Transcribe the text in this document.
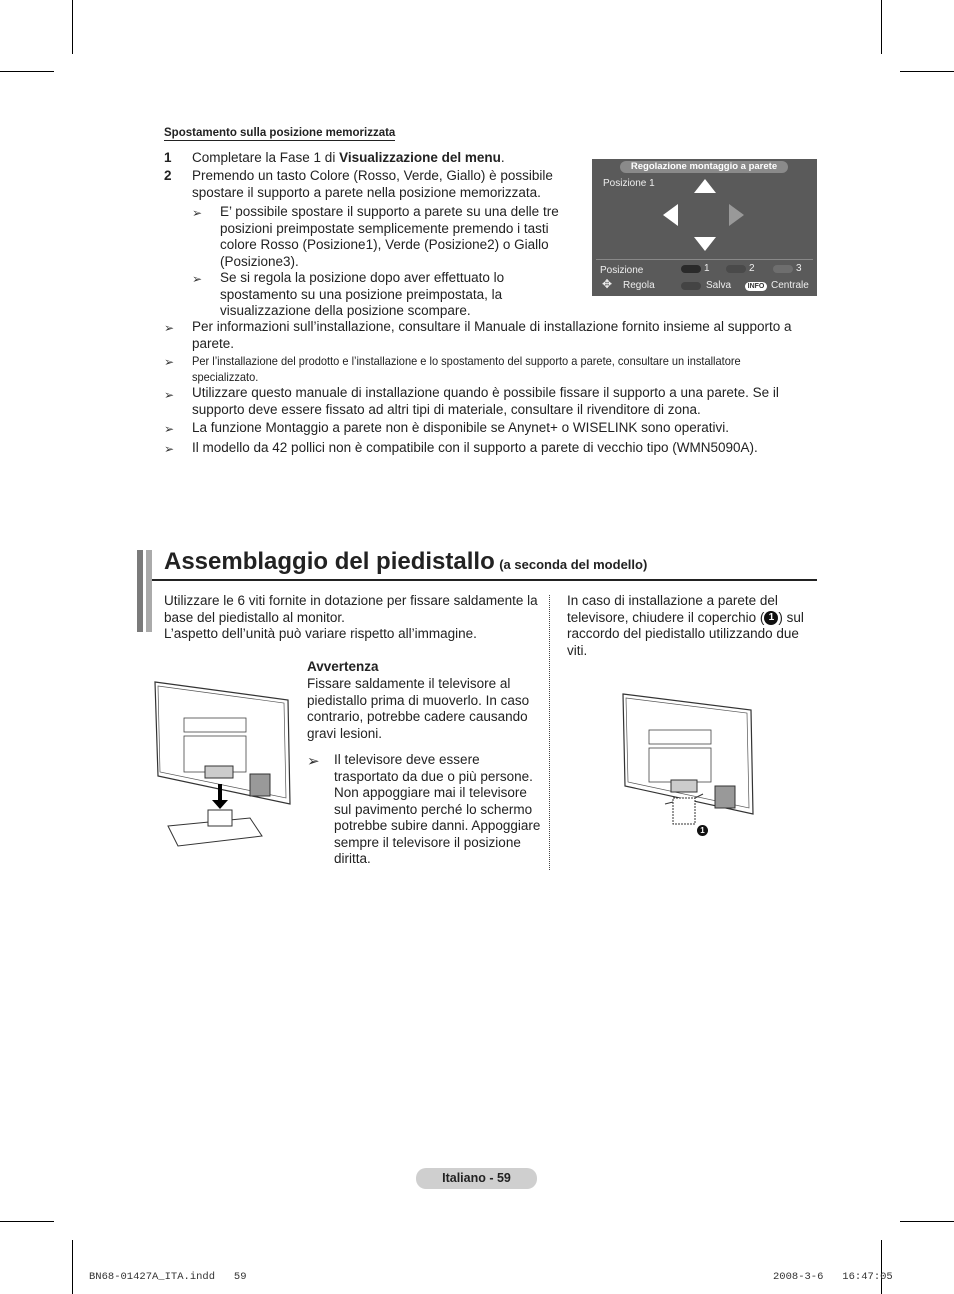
Spostamento sulla posizione memorizzata
1 Completare la Fase 1 di Visualizzazione del menu.
2 Premendo un tasto Colore (Rosso, Verde, Giallo) è possibile spostare il supporto a parete nella posizione memorizzata.
➢ E’ possibile spostare il supporto a parete su una delle tre posizioni preimpostate semplicemente premendo i tasti colore Rosso (Posizione1), Verde (Posizione2) o Giallo (Posizione3).
➢ Se si regola la posizione dopo aver effettuato lo spostamento su una posizione preimpostata, la visualizzazione della posizione scompare.
Regolazione montaggio a parete
Posizione 1
Posizione	1	2	3
✥ Regola	Salva	INFO Centrale
➢ Per informazioni sull’installazione, consultare il Manuale di installazione fornito insieme al supporto a parete.
➢ Per l’installazione del prodotto e l’installazione e lo spostamento del supporto a parete, consultare un installatore specializzato.
➢ Utilizzare questo manuale di installazione quando è possibile fissare il supporto a una parete. Se il supporto deve essere fissato ad altri tipi di materiale, consultare il rivenditore di zona.
➢ La funzione Montaggio a parete non è disponibile se Anynet+ o WISELINK sono operativi.
➢ Il modello da 42 pollici non è compatibile con il supporto a parete di vecchio tipo (WMN5090A).
Assemblaggio del piedistallo (a seconda del modello)
Utilizzare le 6 viti fornite in dotazione per fissare saldamente la base del piedistallo al monitor.
L’aspetto dell’unità può variare rispetto all’immagine.
In caso di installazione a parete del televisore, chiudere il coperchio ( 1 ) sul raccordo del piedistallo utilizzando due viti.
Avvertenza
Fissare saldamente il televisore al piedistallo prima di muoverlo. In caso contrario, potrebbe cadere causando gravi lesioni.
➢ Il televisore deve essere trasportato da due o più persone. Non appoggiare mai il televisore sul pavimento perché lo schermo potrebbe subire danni. Appoggiare sempre il televisore il posizione diritta.
1
Italiano - 59
BN68-01427A_ITA.indd   59	2008-3-6   16:47:05
